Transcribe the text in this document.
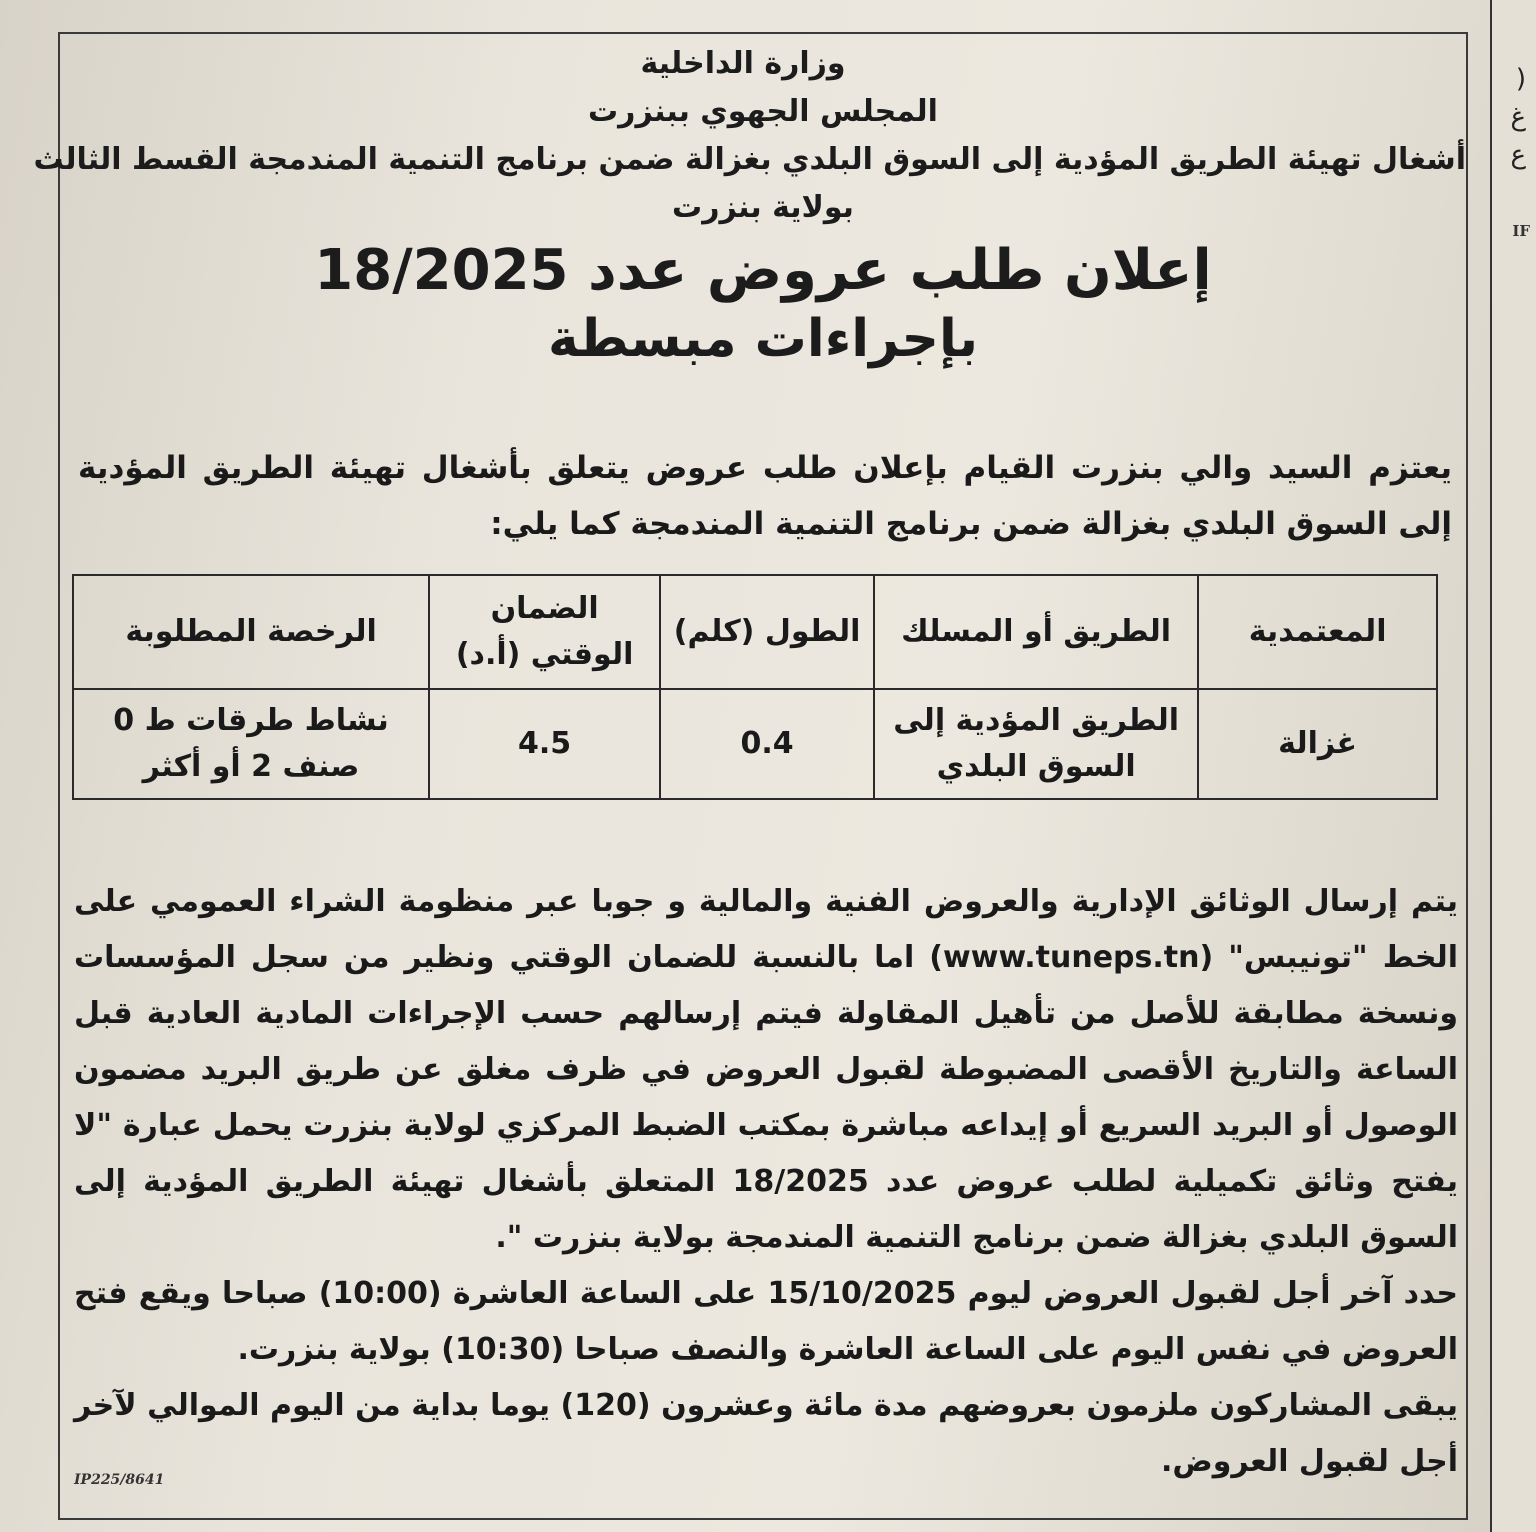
(
غ
ع
IF
وزارة الداخلية
المجلس الجهوي ببنزرت
أشغال تهيئة الطريق المؤدية إلى السوق البلدي بغزالة ضمن برنامج التنمية المندمجة القسط الثالث
بولاية بنزرت
إعلان طلب عروض عدد 18/2025
بإجراءات مبسطة
يعتزم السيد والي بنزرت القيام بإعلان طلب عروض يتعلق بأشغال تهيئة الطريق المؤدية إلى السوق البلدي بغزالة ضمن برنامج التنمية المندمجة كما يلي:
المعتمدية	الطريق أو المسلك	الطول (كلم)	الضمان الوقتي (أ.د)	الرخصة المطلوبة
غزالة	الطريق المؤدية إلى السوق البلدي	0.4	4.5	نشاط طرقات ط 0 صنف 2 أو أكثر

يتم إرسال الوثائق الإدارية والعروض الفنية والمالية و جوبا عبر منظومة الشراء العمومي على الخط "تونيبس" (www.tuneps.tn) اما بالنسبة للضمان الوقتي ونظير من سجل المؤسسات ونسخة مطابقة للأصل من تأهيل المقاولة فيتم إرسالهم حسب الإجراءات المادية العادية قبل الساعة والتاريخ الأقصى المضبوطة لقبول العروض في ظرف مغلق عن طريق البريد مضمون الوصول أو البريد السريع أو إيداعه مباشرة بمكتب الضبط المركزي لولاية بنزرت يحمل عبارة "لا يفتح وثائق تكميلية لطلب عروض عدد 18/2025 المتعلق بأشغال تهيئة الطريق المؤدية إلى السوق البلدي بغزالة ضمن برنامج التنمية المندمجة بولاية بنزرت ".

حدد آخر أجل لقبول العروض ليوم 15/10/2025 على الساعة العاشرة (10:00) صباحا ويقع فتح العروض في نفس اليوم على الساعة العاشرة والنصف صباحا (10:30) بولاية بنزرت.

يبقى المشاركون ملزمون بعروضهم مدة مائة وعشرون (120) يوما بداية من اليوم الموالي لآخر أجل لقبول العروض.

IP225/8641
